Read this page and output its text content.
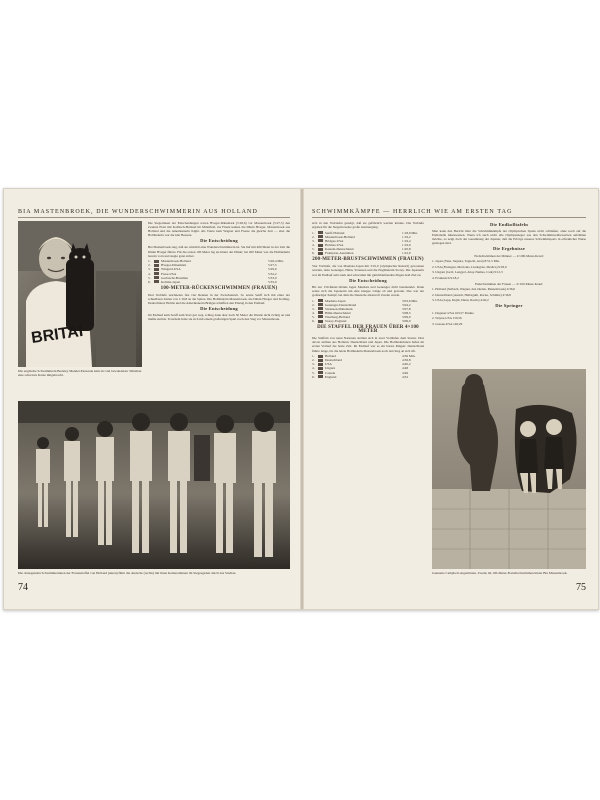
BIA MASTENBROEK, DIE WUNDERSCHWIMMERIN AUS HOLLAND
BRITAI
Die englische Schwimmerin Beckley Mendel-Eastonde kam als viel bewunderter Talisman eine schwarze Katze mitgebracht.

Die Siegerinnen der Entscheidungen waren Hveger-Dänemark (5:26,6) vor Mastenbroek (5:27,5) den zweiten Platz mit Kolbisch-Holland im Mittelfeld, ins Finale kamen die Dänin Hveger, Mastenbroek aus Holland und die Amerikanerin Kight. Als Vierte kam Wagner und Freese die gleiche Zeit — aber die Holländerin war die klar Bessere.

Die Entscheidung

Bei Mastenbroek sieg, daß sie wirklich eine Wunderschwimmerin ist. Sie lief mit 400 Meter in der Zeit die Dänin Hveger führte. Für die ersten 100 Meter lag sie hinter der Dänin; bei 200 Meter war die Holländerin bereits vorn und siegte ganz sicher.

1.	Mastenbroek-Holland	5:26,4 Min.
2.	Hveger-Dänemark	5:27,5
3.	Wingard-USA	5:29,0
4.	Frese-USA	5:32,2
5.	Gerbracht-Brasilien	5:33,0
6.	Kolima-Japan	5:35,0
100-METER-RÜCKENSCHWIMMEN (FRAUEN)

Drei Vorläufe zeichneten fast vier Rennen in der Zwischenzeit. So setzte Senff sich mit einer der schnellsten Zeiten von 1:19,8 an die Spitze. Die Holländerin Mastenbroek, die Dänin Hveger und Kolling-Deutschland, Holms und die Amerikanerin Bridges schafften den Einzug in den Endlauf.

Die Entscheidung

Im Endlauf kam Senff zum Start gut weg, schlug dann aber nach 50 Meter die Wende nicht richtig an und mußte zurück. Trotzdem holte sie sich mit einem großartigen Spurt noch den Sieg vor Mastenbroek.

Die obsiegenden Schwimmerinnen der Frauenstaffel von Holland (unten) führt die deutsche (rechts) mit ihren Kameradinnen im Siegesgaden durch das Stadion.
74
SCHWIMMKÄMPFE — HERRLICH WIE AM ERSTEN TAG

sich in den Vorläufen gezeigt, daß sie gefährlich werden könnte. Die Vorläufe ergaben für die Siegerin keine große Anstrengung.

1.	Senff-Holland	1:18,9 Min.
2.	Mastenbroek-Holland	1:19,2
3.	Bridges-USA	1:19,4
4.	Holmes-USA	1:19,9
5.	Kastein-Deutschland	1:20,8
6.	Frampton-Australien	1:22,0
200-METER-BRUSTSCHWIMMEN (FRAUEN)

Vier Vorläufe, die von Maehata-Japan mit 3:01,9 (olympischer Rekord) gewonnen wurden, dazu Genenger, Hahn, Sörensen und die Engländerin Storey. Die Japanerin war im Endlauf sehr stark und schwamm mit gleichbleibenden Zügen dem Ziel zu.

Die Entscheidung

Bis zur 150-Meter-Wende lagen Maehata und Genenger dicht beieinander. Dann setzte sich die Japanerin um eine knappe Länge ab und gewann. Das war ein großartiger Kampf, bei dem die Deutsche ehrenvoll Zweite wurde.

1.	Maehata-Japan	3:03,6 Min.
2.	Genenger-Deutschland	3:04,2
3.	Sörensen-Dänemark	3:07,8
4.	Hähn-Deutschland	3:08,5
5.	Waalberg-Holland	3:09,0
6.	Storey-England	3:09,0
DIE STAFFEL DER FRAUEN ÜBER 4×100 METER

Die Staffeln von neun Nationen stellten sich in zwei Vorläufen dem Starter. Drei davon stellten aus Holland, Deutschland und Japan. Die Holländerinnen liefen im ersten Vorlauf die beste Zeit. Im Endlauf war es ein hartes Ringen: Deutschland führte lange, bis die letzte Holländerin Mastenbroek noch den Sieg an sich riß.

1.	Holland	4:36 Min.
2.	Deutschland	4:36,8
3.	USA	4:40,2
4.	Ungarn	4:48
5.	Canada	4:49
6.	England	4:52
Die Endkolltafeln

Man kann den Bericht über die Schwimmkämpfe der Olympischen Spiele nicht schließen, ohne noch auf die Endtabelle hinzuweisen. Wenn ich auch nicht alle Olympiasieger aus den Schwimmwettbewerben aufzählen möchte, so zeigt doch der Gesamtsieg der Japaner, daß die Erfolge unseres Schwimmsports in erfreulicher Weise gestiegen sind.

Die Ergebnisse

Endschwimmen der Männer — 4×200-Meter-Kraul:

1. Japan (Yusa, Sugiura, Taguchi, Arai) 8:51,5 Min.

2. USA (Flanagan, Macionis, Lindegren, Medica) 9:03,0

3. Ungarn (Gróf, Lengyel, Abay-Nemes, Csik) 9:12,3

4. Frankreich 9:18,2

Endschwimmen der Frauen — 4×100-Meter-Kraul:

1. Holland (Selbach, Wagner, den Ouden, Mastenbroek) 4:36,0

2. Deutschland (Arendt, Halbsguth, Rocke, Schmitz) 4:36,8

3. USA (Lapp, Kight, Dunn, Rawls) 4:40,2

Die Springer

1. Degener-USA 163,57 Punkte

2. Wayne-USA 159,56

3. Greene-USA 146,29

Jeannette Campbell-Argentinien, Zweite im 100-Meter-Freistilschwimmen hinter Bia Mastenbroek.
75
